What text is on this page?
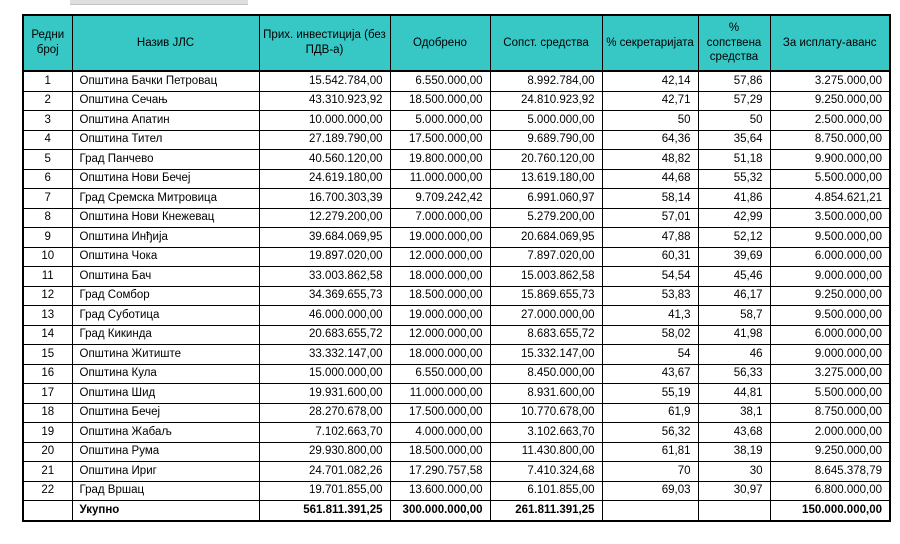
Редни број	Назив ЈЛС	Прих. инвестиција (без ПДВ-а)	Одобрено	Сопст. средства	% секретаријата	% сопствена средства	За исплату-аванс
1	Општина Бачки Петровац	15.542.784,00	6.550.000,00	8.992.784,00	42,14	57,86	3.275.000,00
2	Општина Сечањ	43.310.923,92	18.500.000,00	24.810.923,92	42,71	57,29	9.250.000,00
3	Општина Апатин	10.000.000,00	5.000.000,00	5.000.000,00	50	50	2.500.000,00
4	Општина Тител	27.189.790,00	17.500.000,00	9.689.790,00	64,36	35,64	8.750.000,00
5	Град Панчево	40.560.120,00	19.800.000,00	20.760.120,00	48,82	51,18	9.900.000,00
6	Општина Нови Бечеј	24.619.180,00	11.000.000,00	13.619.180,00	44,68	55,32	5.500.000,00
7	Град Сремска Митровица	16.700.303,39	9.709.242,42	6.991.060,97	58,14	41,86	4.854.621,21
8	Општина Нови Кнежевац	12.279.200,00	7.000.000,00	5.279.200,00	57,01	42,99	3.500.000,00
9	Општина Инђија	39.684.069,95	19.000.000,00	20.684.069,95	47,88	52,12	9.500.000,00
10	Општина Чока	19.897.020,00	12.000.000,00	7.897.020,00	60,31	39,69	6.000.000,00
11	Општина Бач	33.003.862,58	18.000.000,00	15.003.862,58	54,54	45,46	9.000.000,00
12	Град Сомбор	34.369.655,73	18.500.000,00	15.869.655,73	53,83	46,17	9.250.000,00
13	Град Суботица	46.000.000,00	19.000.000,00	27.000.000,00	41,3	58,7	9.500.000,00
14	Град Кикинда	20.683.655,72	12.000.000,00	8.683.655,72	58,02	41,98	6.000.000,00
15	Општина Житиште	33.332.147,00	18.000.000,00	15.332.147,00	54	46	9.000.000,00
16	Општина Кула	15.000.000,00	6.550.000,00	8.450.000,00	43,67	56,33	3.275.000,00
17	Општина Шид	19.931.600,00	11.000.000,00	8.931.600,00	55,19	44,81	5.500.000,00
18	Општина Бечеј	28.270.678,00	17.500.000,00	10.770.678,00	61,9	38,1	8.750.000,00
19	Општина Жабаљ	7.102.663,70	4.000.000,00	3.102.663,70	56,32	43,68	2.000.000,00
20	Општина Рума	29.930.800,00	18.500.000,00	11.430.800,00	61,81	38,19	9.250.000,00
21	Општина Ириг	24.701.082,26	17.290.757,58	7.410.324,68	70	30	8.645.378,79
22	Град Вршац	19.701.855,00	13.600.000,00	6.101.855,00	69,03	30,97	6.800.000,00
	Укупно	561.811.391,25	300.000.000,00	261.811.391,25			150.000.000,00
